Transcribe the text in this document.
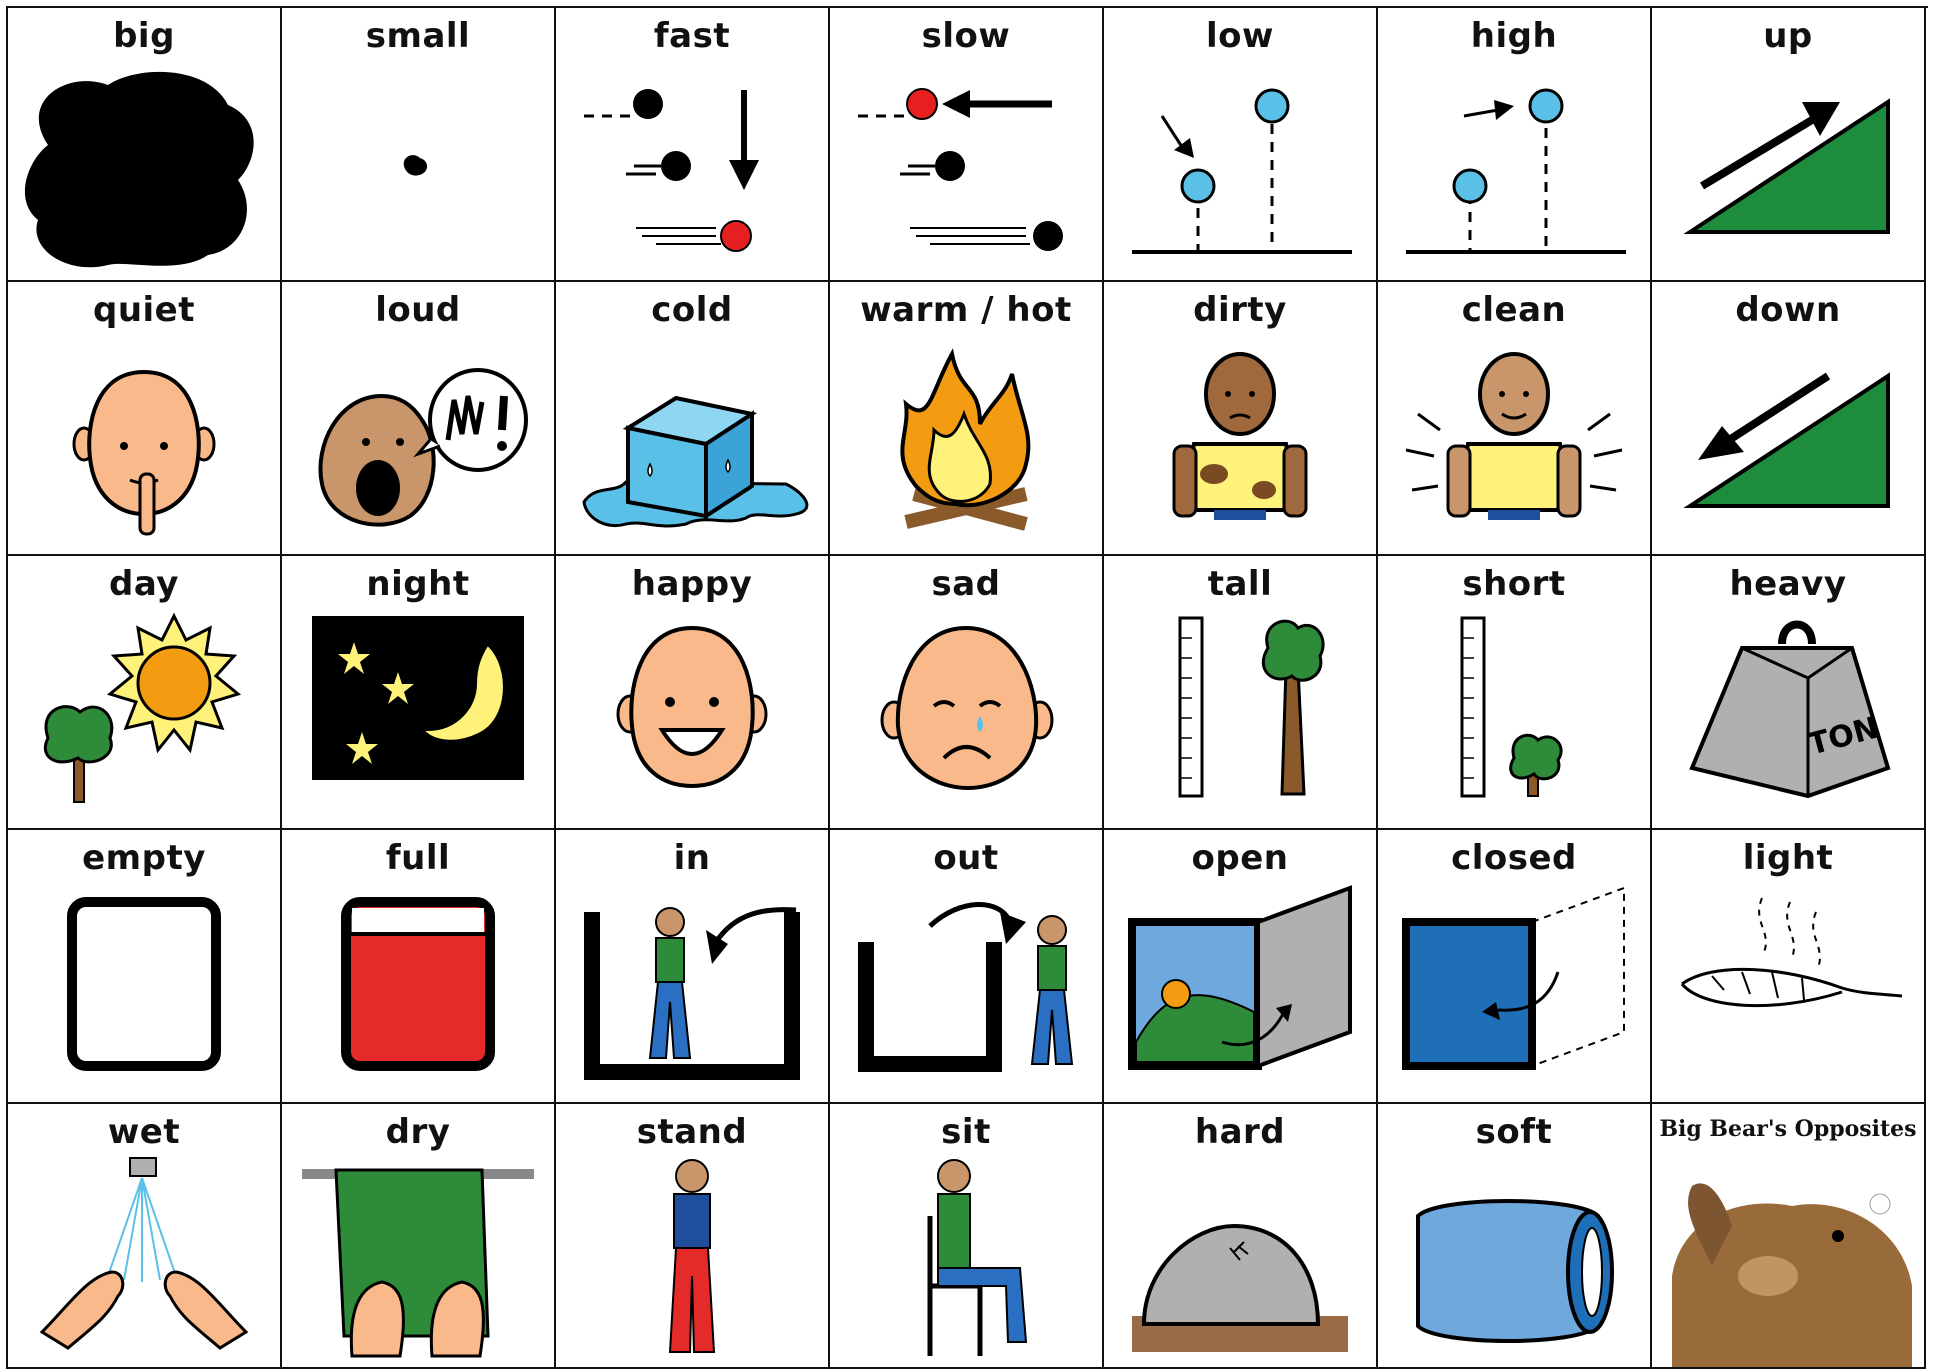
big	small	fast	slow	low	high	up
quiet	loud	cold	warm / hot	dirty	clean	down
day	night	happy	sad	tall	short	heavy
TON
empty	full	in	out	open	closed	light
wet	dry	stand	sit	hard	soft	Big Bear's Opposites
